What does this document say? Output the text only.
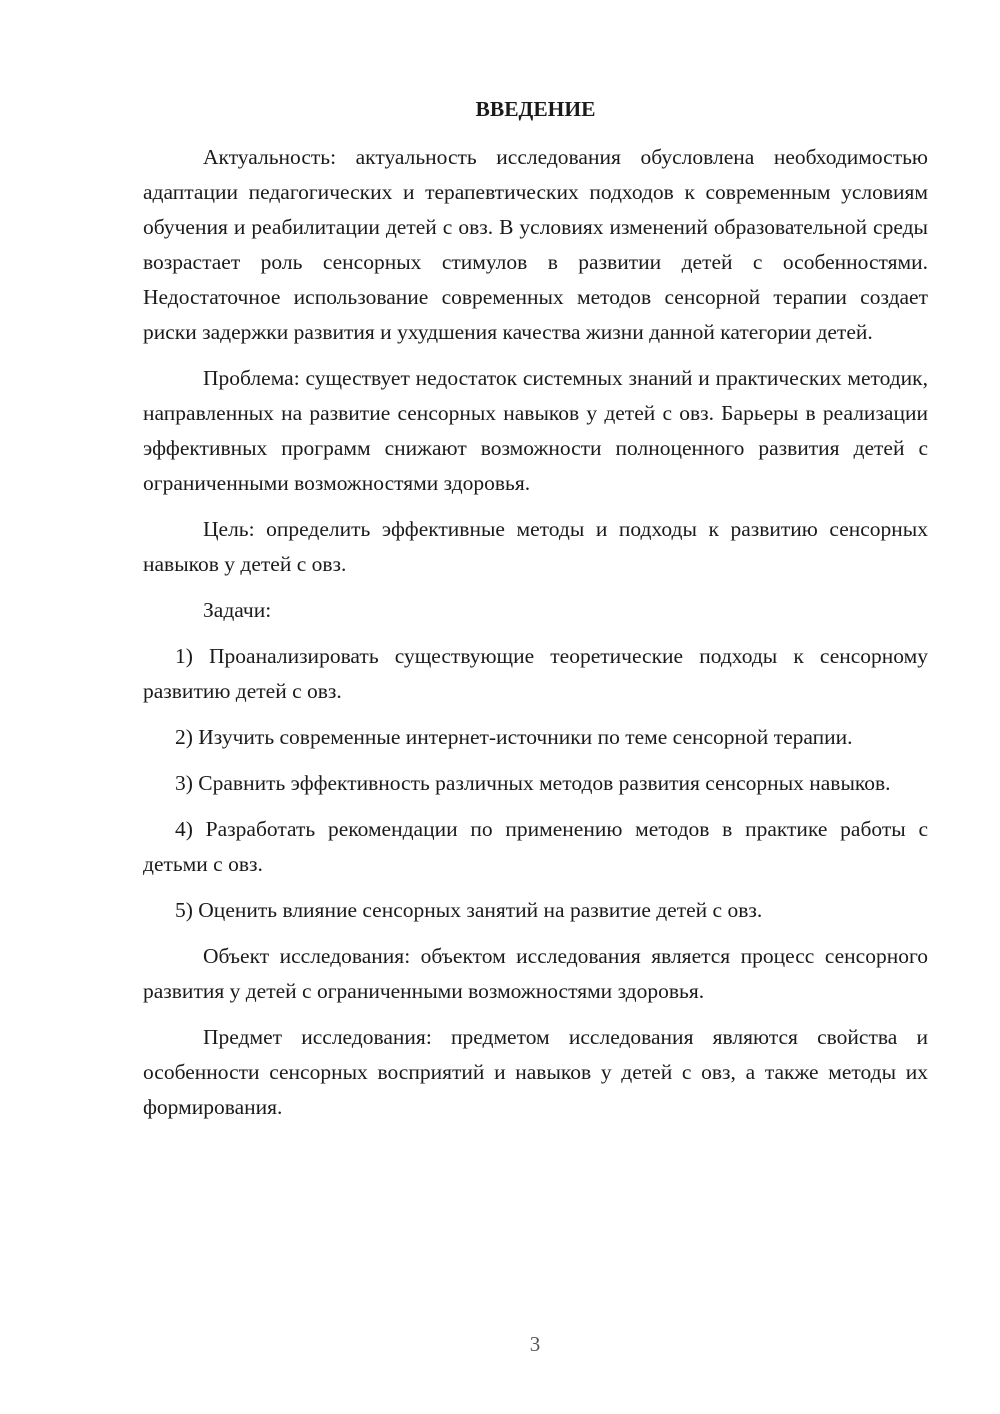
ВВЕДЕНИЕ

Актуальность: актуальность исследования обусловлена необходимостью адаптации педагогических и терапевтических подходов к современным условиям обучения и реабилитации детей с овз. В условиях изменений образовательной среды возрастает роль сенсорных стимулов в развитии детей с особенностями. Недостаточное использование современных методов сенсорной терапии создает риски задержки развития и ухудшения качества жизни данной категории детей.

Проблема: существует недостаток системных знаний и практических методик, направленных на развитие сенсорных навыков у детей с овз. Барьеры в реализации эффективных программ снижают возможности полноценного развития детей с ограниченными возможностями здоровья.

Цель: определить эффективные методы и подходы к развитию сенсорных навыков у детей с овз.

Задачи:

1) Проанализировать существующие теоретические подходы к сенсорному развитию детей с овз.

2) Изучить современные интернет-источники по теме сенсорной терапии.

3) Сравнить эффективность различных методов развития сенсорных навыков.

4) Разработать рекомендации по применению методов в практике работы с детьми с овз.

5) Оценить влияние сенсорных занятий на развитие детей с овз.

Объект исследования: объектом исследования является процесс сенсорного развития у детей с ограниченными возможностями здоровья.

Предмет исследования: предметом исследования являются свойства и особенности сенсорных восприятий и навыков у детей с овз, а также методы их формирования.

3
